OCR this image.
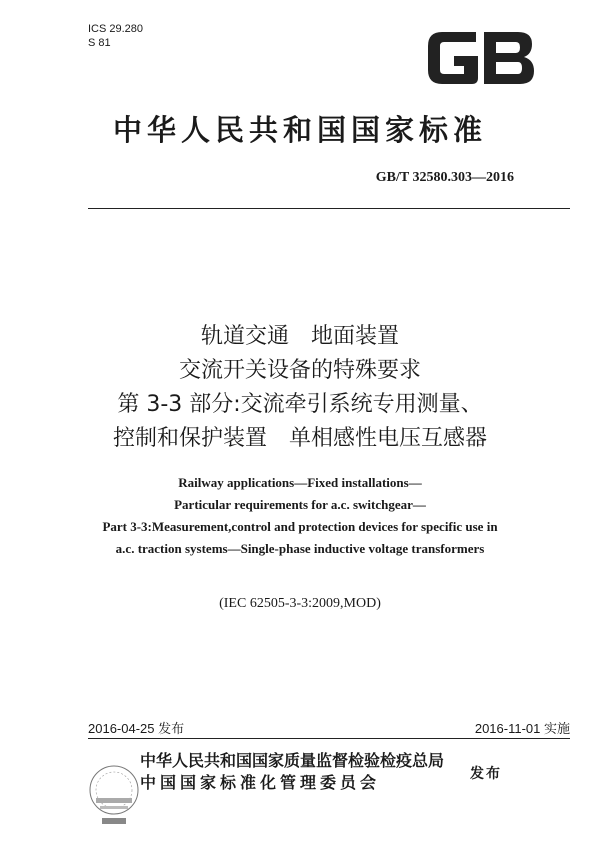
ICS 29.280
S 81
中华人民共和国国家标准
GB/T 32580.303—2016
轨道交通　地面装置
交流开关设备的特殊要求
第 3-3 部分:交流牵引系统专用测量、
控制和保护装置　单相感性电压互感器
Railway applications—Fixed installations—
Particular requirements for a.c. switchgear—
Part 3-3:Measurement,control and protection devices for specific use in
a.c. traction systems—Single-phase inductive voltage transformers
(IEC 62505-3-3:2009,MOD)
2016-04-25 发布	2016-11-01 实施
中华人民共和国国家质量监督检验检疫总局
中国国家标准化管理委员会	发布
